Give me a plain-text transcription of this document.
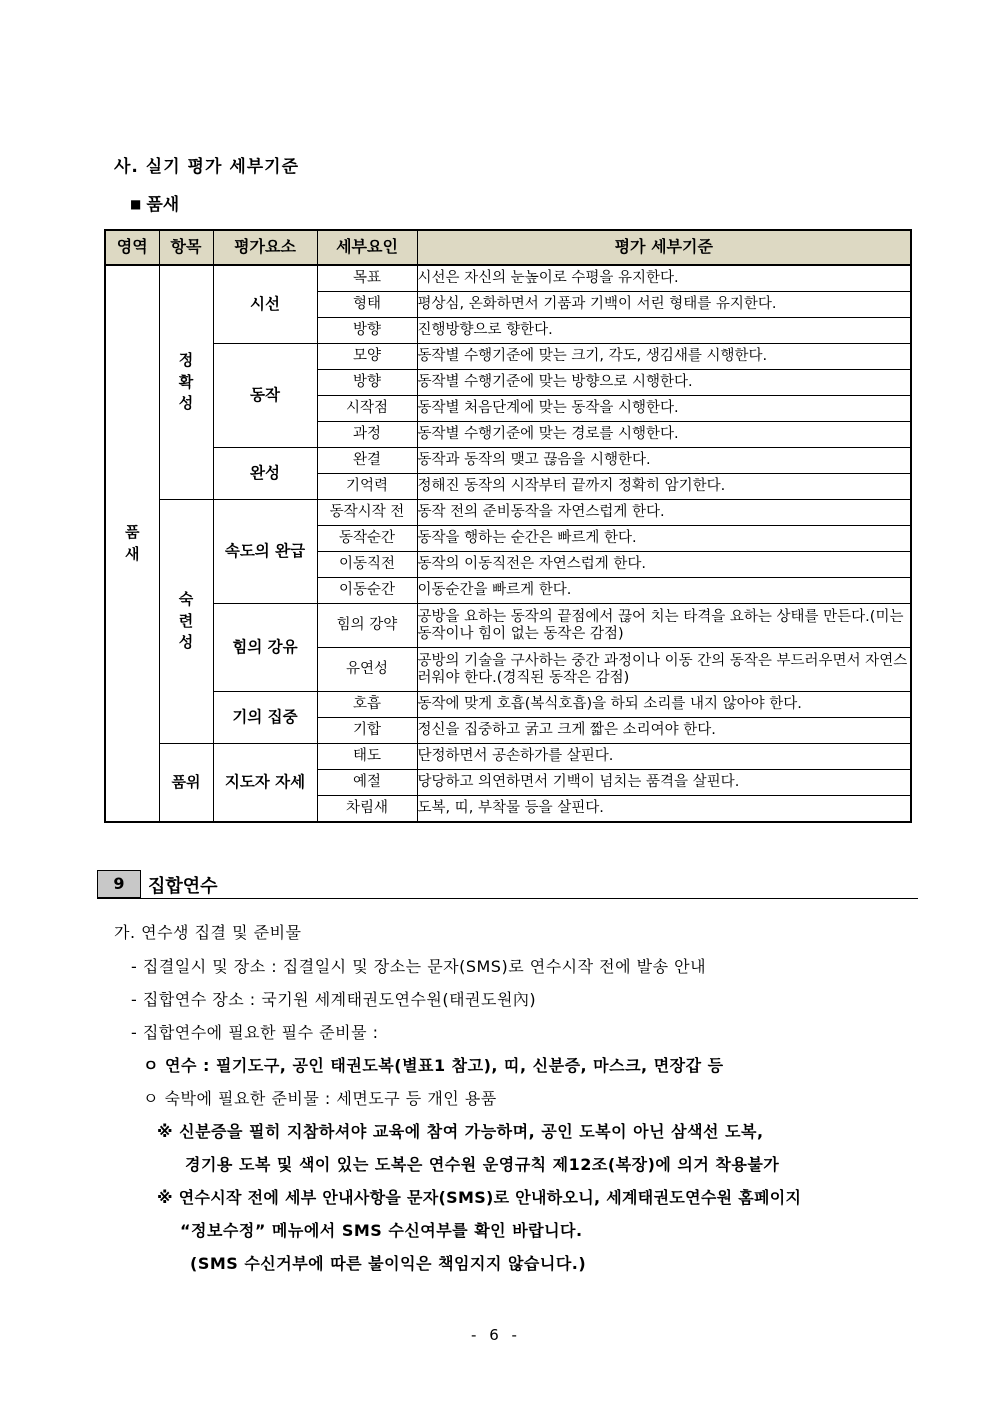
사. 실기 평가 세부기준
■ 품새
영역	항목	평가요소	세부요인	평가 세부기준
품새	정확성	시선	목표	시선은 자신의 눈높이로 수평을 유지한다.
			형태	평상심, 온화하면서 기품과 기백이 서린 형태를 유지한다.
			방향	진행방향으로 향한다.
		동작	모양	동작별 수행기준에 맞는 크기, 각도, 생김새를 시행한다.
			방향	동작별 수행기준에 맞는 방향으로 시행한다.
			시작점	동작별 처음단계에 맞는 동작을 시행한다.
			과정	동작별 수행기준에 맞는 경로를 시행한다.
		완성	완결	동작과 동작의 맺고 끊음을 시행한다.
			기억력	정해진 동작의 시작부터 끝까지 정확히 암기한다.
	숙련성	속도의 완급	동작시작 전	동작 전의 준비동작을 자연스럽게 한다.
			동작순간	동작을 행하는 순간은 빠르게 한다.
			이동직전	동작의 이동직전은 자연스럽게 한다.
			이동순간	이동순간을 빠르게 한다.
		힘의 강유	힘의 강약	공방을 요하는 동작의 끝점에서 끊어 치는 타격을 요하는 상태를 만든다.(미는 동작이나 힘이 없는 동작은 감점)
			유연성	공방의 기술을 구사하는 중간 과정이나 이동 간의 동작은 부드러우면서 자연스러워야 한다.(경직된 동작은 감점)
		기의 집중	호흡	동작에 맞게 호흡(복식호흡)을 하되 소리를 내지 않아야 한다.
			기합	정신을 집중하고 굵고 크게 짧은 소리여야 한다.
	품위	지도자 자세	태도	단정하면서 공손하가를 살핀다.
			예절	당당하고 의연하면서 기백이 넘치는 품격을 살핀다.
			차림새	도복, 띠, 부착물 등을 살핀다.
9	집합연수
가. 연수생 집결 및 준비물
- 집결일시 및 장소 : 집결일시 및 장소는 문자(SMS)로 연수시작 전에 발송 안내
- 집합연수 장소 : 국기원 세계태권도연수원(태권도원內)
- 집합연수에 필요한 필수 준비물 :
ㅇ 연수 : 필기도구, 공인 태권도복(별표1 참고), 띠, 신분증, 마스크, 면장갑 등
ㅇ 숙박에 필요한 준비물 : 세면도구 등 개인 용품
※ 신분증을 필히 지참하셔야 교육에 참여 가능하며, 공인 도복이 아닌 삼색선 도복,
경기용 도복 및 색이 있는 도복은 연수원 운영규칙 제12조(복장)에 의거 착용불가
※ 연수시작 전에 세부 안내사항을 문자(SMS)로 안내하오니, 세계태권도연수원 홈페이지
“정보수정” 메뉴에서 SMS 수신여부를 확인 바랍니다.
(SMS 수신거부에 따른 불이익은 책임지지 않습니다.)
- 6 -
